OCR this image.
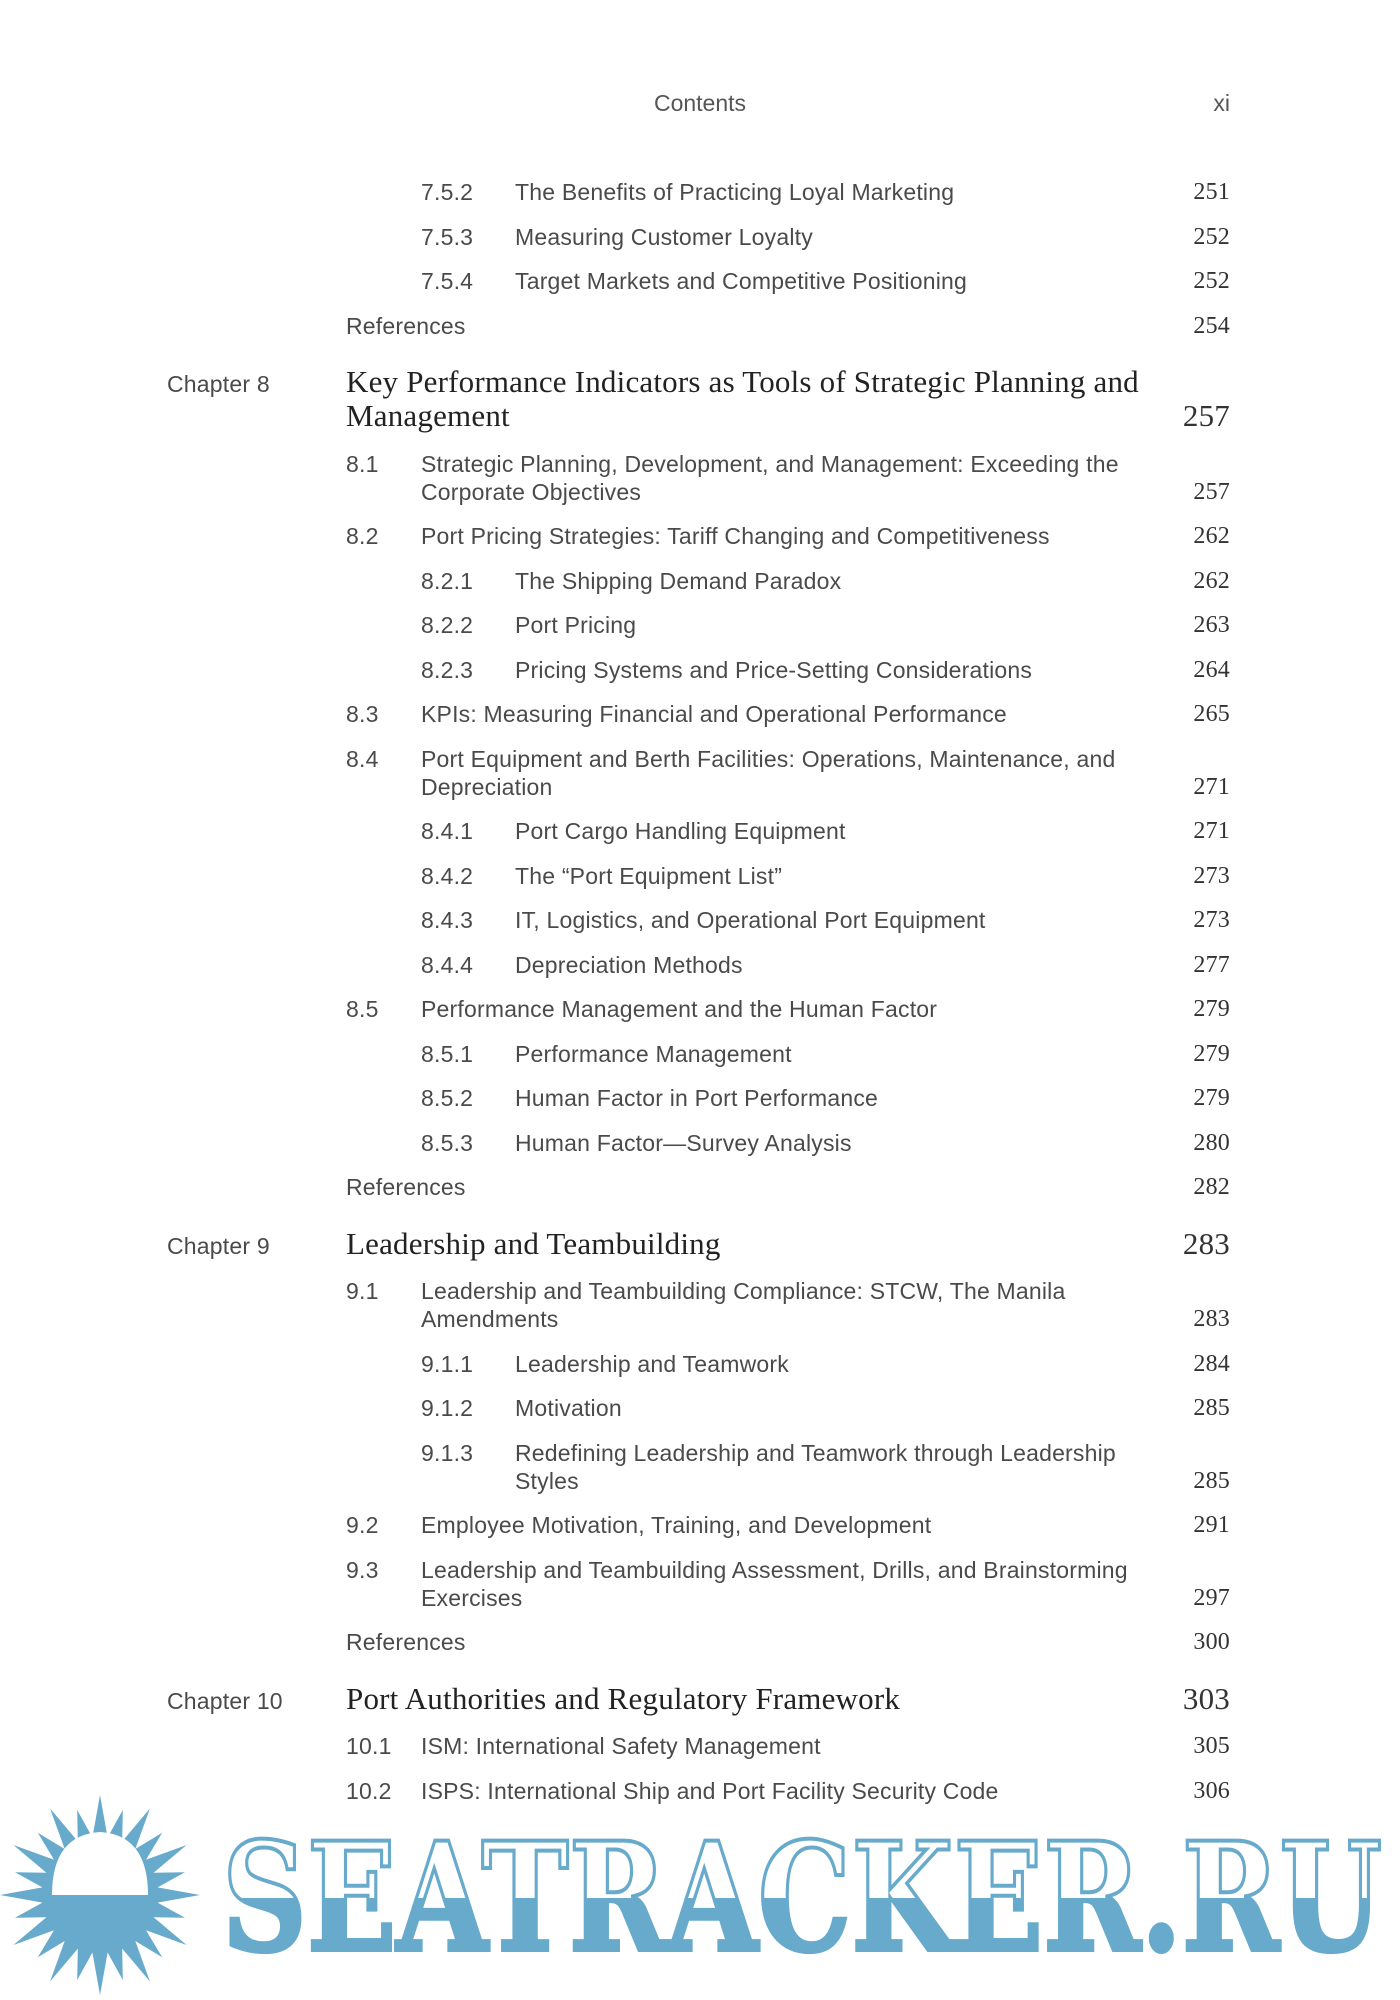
Contents	xi
7.5.2 The Benefits of Practicing Loyal Marketing	251
7.5.3 Measuring Customer Loyalty	252
7.5.4 Target Markets and Competitive Positioning	252
References	254
Chapter 8 Key Performance Indicators as Tools of Strategic Planning and Management	257
8.1 Strategic Planning, Development, and Management: Exceeding the Corporate Objectives	257
8.2 Port Pricing Strategies: Tariff Changing and Competitiveness	262
8.2.1 The Shipping Demand Paradox	262
8.2.2 Port Pricing	263
8.2.3 Pricing Systems and Price-Setting Considerations	264
8.3 KPIs: Measuring Financial and Operational Performance	265
8.4 Port Equipment and Berth Facilities: Operations, Maintenance, and Depreciation	271
8.4.1 Port Cargo Handling Equipment	271
8.4.2 The “Port Equipment List”	273
8.4.3 IT, Logistics, and Operational Port Equipment	273
8.4.4 Depreciation Methods	277
8.5 Performance Management and the Human Factor	279
8.5.1 Performance Management	279
8.5.2 Human Factor in Port Performance	279
8.5.3 Human Factor—Survey Analysis	280
References	282
Chapter 9 Leadership and Teambuilding	283
9.1 Leadership and Teambuilding Compliance: STCW, The Manila Amendments	283
9.1.1 Leadership and Teamwork	284
9.1.2 Motivation	285
9.1.3 Redefining Leadership and Teamwork through Leadership Styles	285
9.2 Employee Motivation, Training, and Development	291
9.3 Leadership and Teambuilding Assessment, Drills, and Brainstorming Exercises	297
References	300
Chapter 10 Port Authorities and Regulatory Framework	303
10.1 ISM: International Safety Management	305
10.2 ISPS: International Ship and Port Facility Security Code	306
SEATRACKER.RU
